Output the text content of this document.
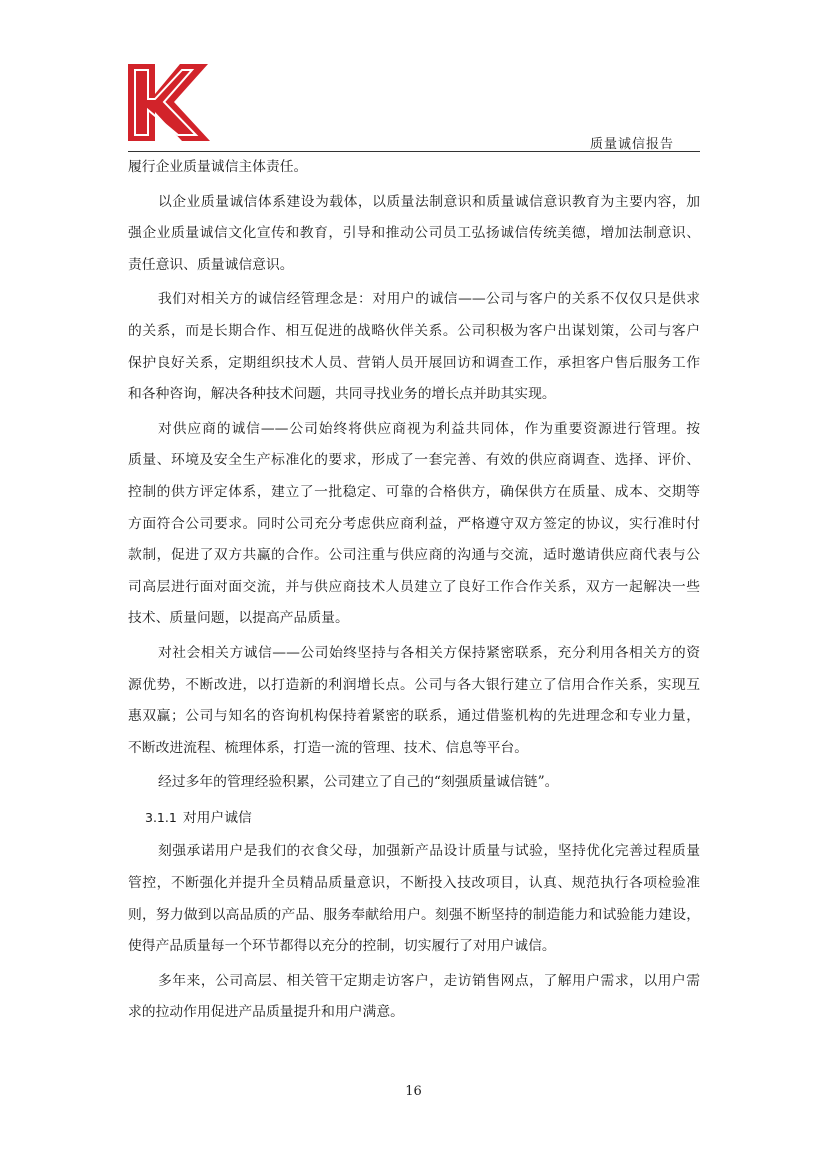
质量诚信报告
履行企业质量诚信主体责任。
以企业质量诚信体系建设为载体，以质量法制意识和质量诚信意识教育为主要内容，加
强企业质量诚信文化宣传和教育，引导和推动公司员工弘扬诚信传统美德，增加法制意识、
责任意识、质量诚信意识。
我们对相关方的诚信经管理念是：对用户的诚信——公司与客户的关系不仅仅只是供求
的关系，而是长期合作、相互促进的战略伙伴关系。公司积极为客户出谋划策，公司与客户
保护良好关系，定期组织技术人员、营销人员开展回访和调查工作，承担客户售后服务工作
和各种咨询，解决各种技术问题，共同寻找业务的增长点并助其实现。
对供应商的诚信——公司始终将供应商视为利益共同体，作为重要资源进行管理。按
质量、环境及安全生产标准化的要求，形成了一套完善、有效的供应商调查、选择、评价、
控制的供方评定体系，建立了一批稳定、可靠的合格供方，确保供方在质量、成本、交期等
方面符合公司要求。同时公司充分考虑供应商利益，严格遵守双方签定的协议，实行准时付
款制，促进了双方共赢的合作。公司注重与供应商的沟通与交流，适时邀请供应商代表与公
司高层进行面对面交流，并与供应商技术人员建立了良好工作合作关系，双方一起解决一些
技术、质量问题，以提高产品质量。
对社会相关方诚信——公司始终坚持与各相关方保持紧密联系，充分利用各相关方的资
源优势，不断改进，以打造新的利润增长点。公司与各大银行建立了信用合作关系，实现互
惠双赢；公司与知名的咨询机构保持着紧密的联系，通过借鉴机构的先进理念和专业力量，
不断改进流程、梳理体系，打造一流的管理、技术、信息等平台。
经过多年的管理经验积累，公司建立了自己的“刻强质量诚信链”。
3.1.1 对用户诚信
刻强承诺用户是我们的衣食父母，加强新产品设计质量与试验，坚持优化完善过程质量
管控，不断强化并提升全员精品质量意识，不断投入技改项目，认真、规范执行各项检验准
则，努力做到以高品质的产品、服务奉献给用户。刻强不断坚持的制造能力和试验能力建设，
使得产品质量每一个环节都得以充分的控制，切实履行了对用户诚信。
多年来，公司高层、相关管干定期走访客户，走访销售网点，了解用户需求，以用户需
求的拉动作用促进产品质量提升和用户满意。
16
